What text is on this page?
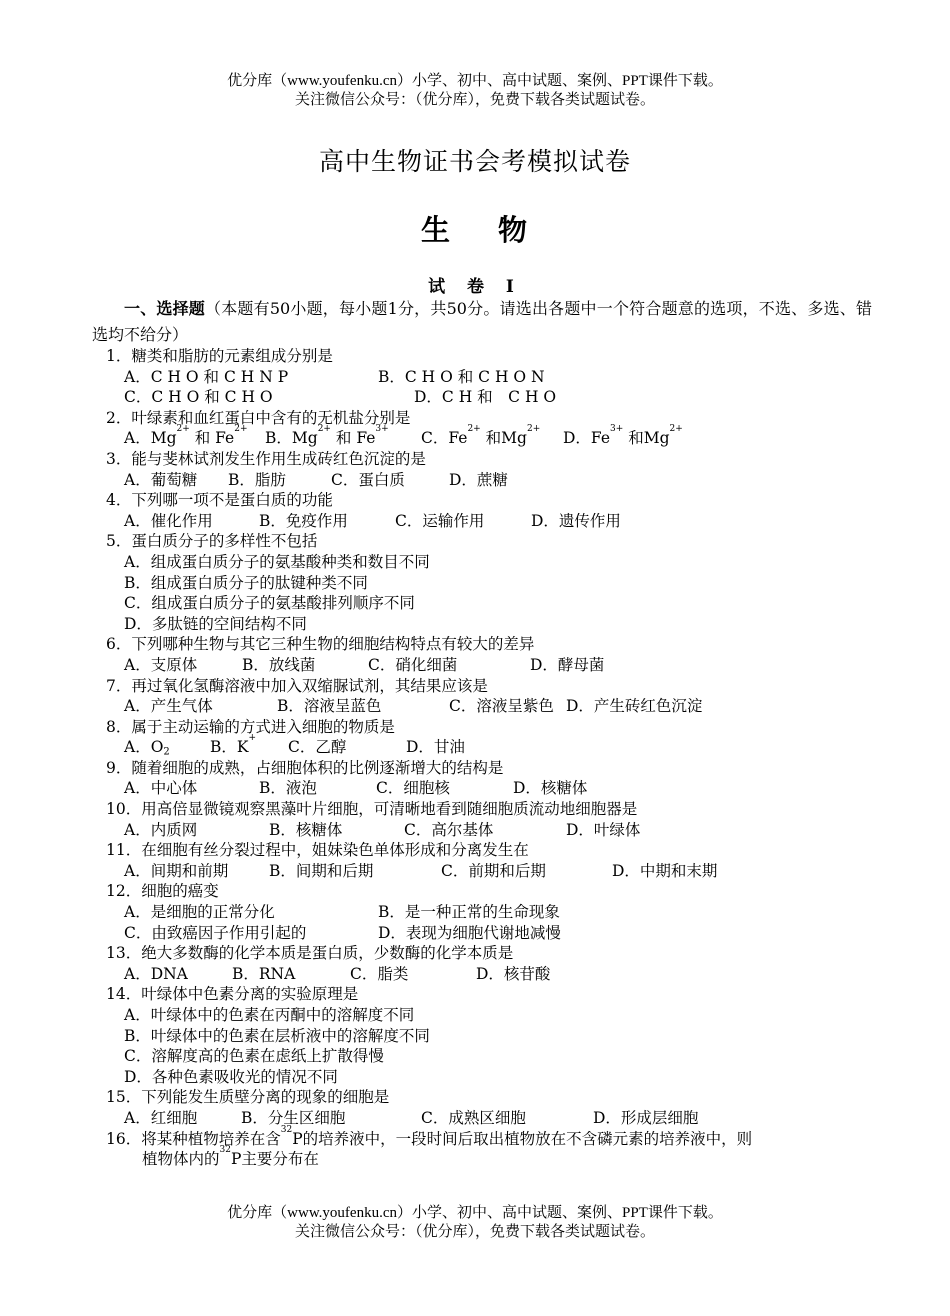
优分库（www.youfenku.cn）小学、初中、高中试题、案例、PPT课件下载。
关注微信公众号：（优分库），免费下载各类试题试卷。
高中生物证书会考模拟试卷
生 物
试 卷 Ⅰ
一、选择题（本题有50小题，每小题1分，共50分。请选出各题中一个符合题意的选项，不选、多选、错选均不给分）
1．糖类和脂肪的元素组成分别是
A．C H O 和 C H N P	B．C H O 和 C H O N
C．C H O 和 C H O	D．C H 和　C H O
2．叶绿素和血红蛋白中含有的无机盐分别是
A．$Mg^{2+}$ 和 $Fe^{2+}$ B．$Mg^{2+}$ 和 $Fe^{3+}$ C．$Fe^{2+}$ 和$Mg^{2+}$ D．$Fe^{3+}$ 和$Mg^{2+}$
3．能与斐林试剂发生作用生成砖红色沉淀的是
A．葡萄糖 B．脂肪	C．蛋白质	D．蔗糖
4．下列哪一项不是蛋白质的功能
A．催化作用	B．免疫作用	C．运输作用	D．遗传作用
5．蛋白质分子的多样性不包括
A．组成蛋白质分子的氨基酸种类和数目不同
B．组成蛋白质分子的肽键种类不同
C．组成蛋白质分子的氨基酸排列顺序不同
D．多肽链的空间结构不同
6．下列哪种生物与其它三种生物的细胞结构特点有较大的差异
A．支原体	B．放线菌	C．硝化细菌	D．酵母菌
7．再过氧化氢酶溶液中加入双缩脲试剂，其结果应该是
A．产生气体	B．溶液呈蓝色	C．溶液呈紫色 D．产生砖红色沉淀
8．属于主动运输的方式进入细胞的物质是
A．O2	B．K+ C．乙醇	D．甘油
9．随着细胞的成熟，占细胞体积的比例逐渐增大的结构是
A．中心体	B．液泡	C．细胞核	D．核糖体
10．用高倍显微镜观察黑藻叶片细胞，可清晰地看到随细胞质流动地细胞器是
A．内质网	B．核糖体	C．高尔基体	D．叶绿体
11．在细胞有丝分裂过程中，姐妹染色单体形成和分离发生在
A．间期和前期	B．间期和后期	C．前期和后期	D．中期和末期
12．细胞的癌变
A．是细胞的正常分化	B．是一种正常的生命现象
C．由致癌因子作用引起的	D．表现为细胞代谢地减慢
13．绝大多数酶的化学本质是蛋白质，少数酶的化学本质是
A．DNA	B．RNA	C．脂类	D．核苷酸
14．叶绿体中色素分离的实验原理是
A．叶绿体中的色素在丙酮中的溶解度不同
B．叶绿体中的色素在层析液中的溶解度不同
C．溶解度高的色素在虑纸上扩散得慢
D．各种色素吸收光的情况不同
15．下列能发生质壁分离的现象的细胞是
A．红细胞	B．分生区细胞	C．成熟区细胞	D．形成层细胞
16．将某种植物培养在含$^{32}$P的培养液中，一段时间后取出植物放在不含磷元素的培养液中，则
植物体内的$^{32}$P主要分布在
优分库（www.youfenku.cn）小学、初中、高中试题、案例、PPT课件下载。
关注微信公众号：（优分库），免费下载各类试题试卷。
